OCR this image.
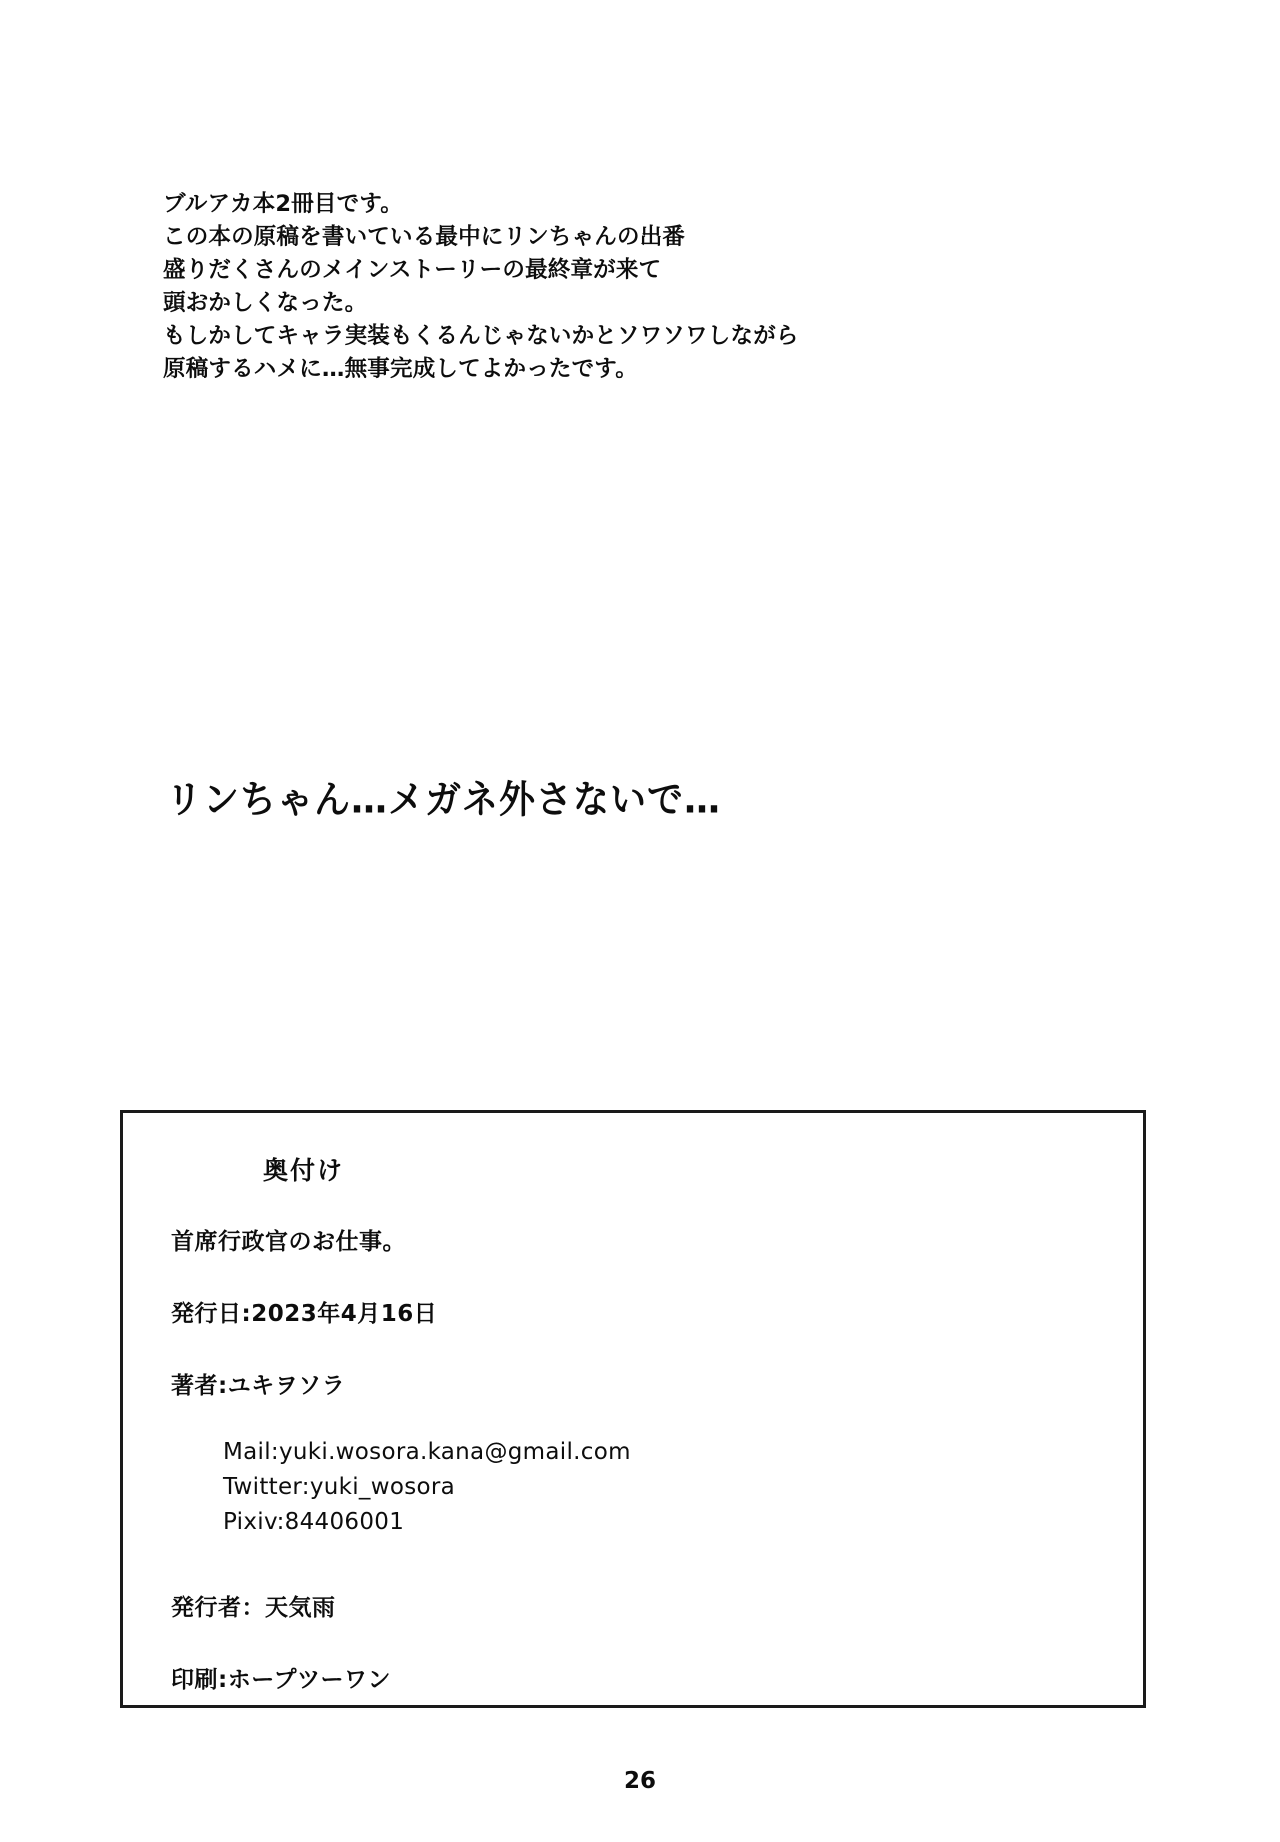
ブルアカ本2冊目です。

この本の原稿を書いている最中にリンちゃんの出番

盛りだくさんのメインストーリーの最終章が来て

頭おかしくなった。

もしかしてキャラ実装もくるんじゃないかとソワソワしながら

原稿するハメに…無事完成してよかったです。

リンちゃん…メガネ外さないで…
奥付け
首席行政官のお仕事。
発行日:2023年4月16日
著者:ユキヲソラ
Mail:yuki.wosora.kana@gmail.com
Twitter:yuki_wosora
Pixiv:84406001
発行者：天気雨
印刷:ホープツーワン
26
